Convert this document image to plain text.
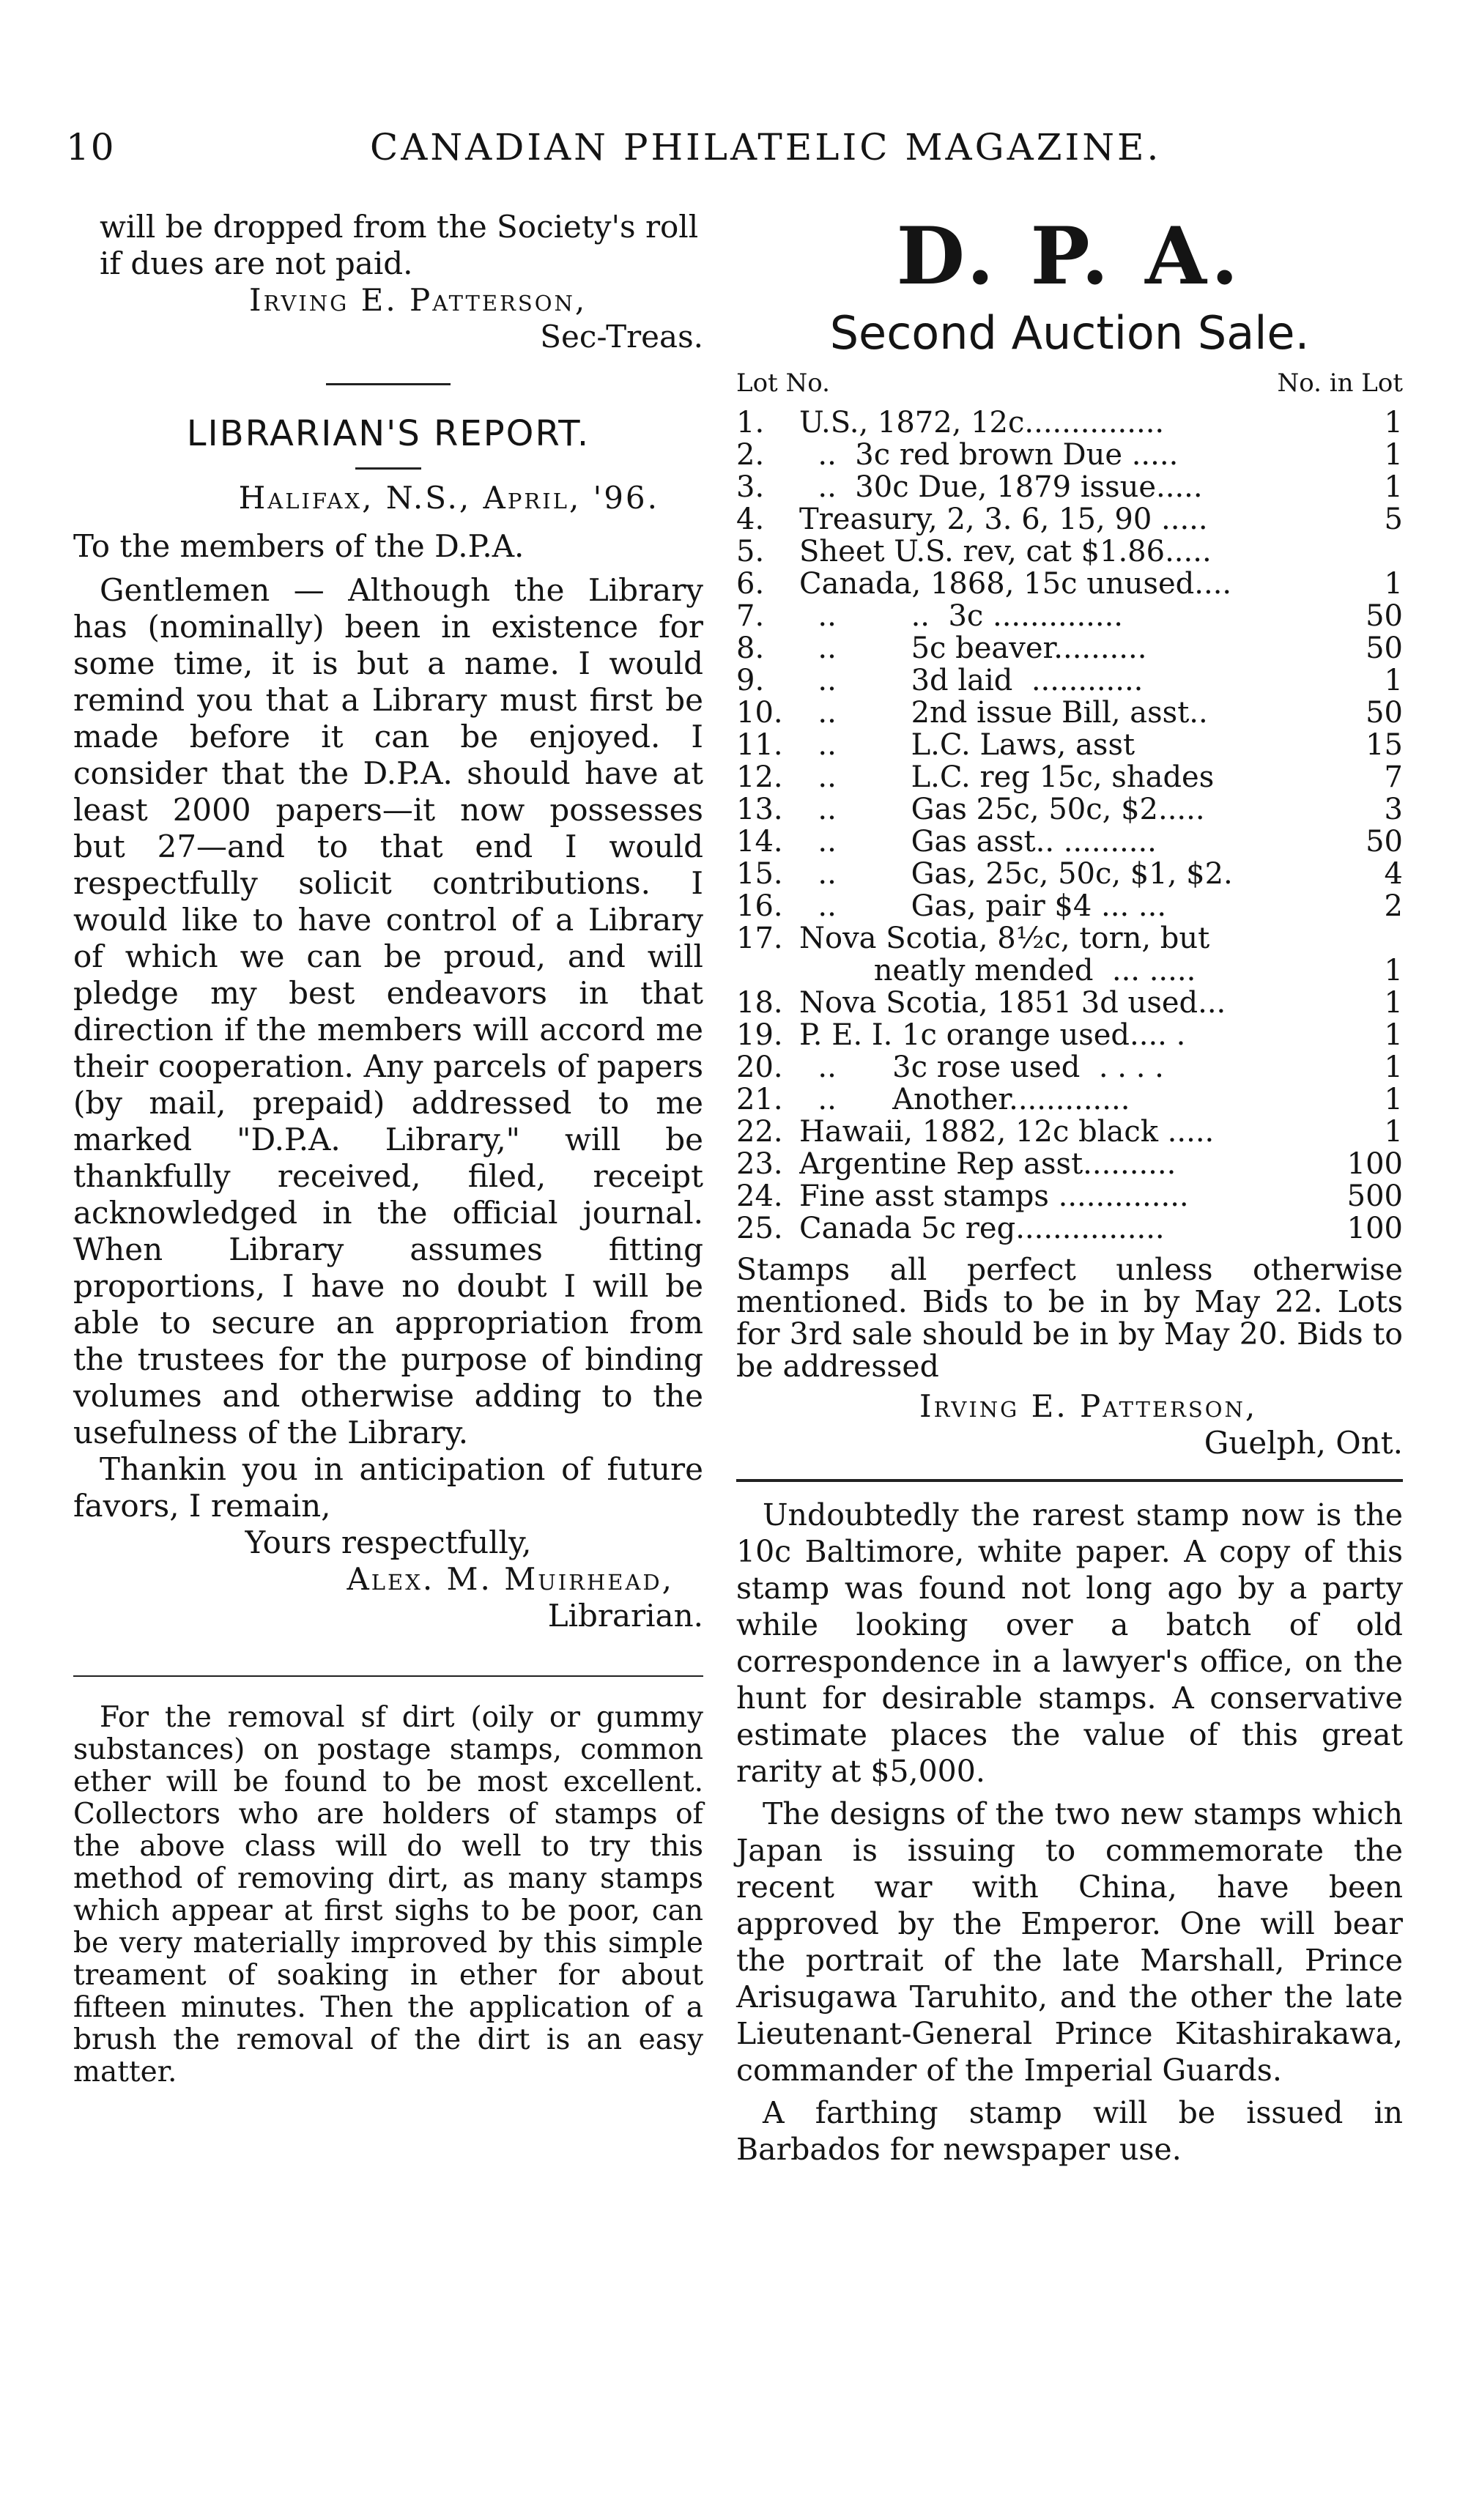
10	CANADIAN PHILATELIC MAGAZINE.

will be dropped from the Society's roll

if dues are not paid.

Irving E. Patterson,

Sec-Treas.

LIBRARIAN'S REPORT.

Halifax, N.S., April, '96.

To the members of the D.P.A.

Gentlemen — Although the Library has (nominally) been in existence for some time, it is but a name. I would remind you that a Library must first be made before it can be enjoyed. I consider that the D.P.A. should have at least 2000 papers—it now possesses but 27—and to that end I would respectfully solicit contributions. I would like to have control of a Library of which we can be proud, and will pledge my best endeavors in that direction if the members will accord me their cooperation. Any parcels of papers (by mail, prepaid) addressed to me marked "D.P.A. Library," will be thankfully received, filed, receipt acknowledged in the official journal. When Library assumes fitting proportions, I have no doubt I will be able to secure an appropriation from the trustees for the purpose of binding volumes and otherwise adding to the usefulness of the Library.

Thankin you in anticipation of future favors, I remain,

Yours respectfully,

Alex. M. Muirhead,

Librarian.

For the removal sf dirt (oily or gummy substances) on postage stamps, common ether will be found to be most excellent. Collectors who are holders of stamps of the above class will do well to try this method of removing dirt, as many stamps which appear at first sighs to be poor, can be very materially improved by this simple treament of soaking in ether for about fifteen minutes. Then the application of a brush the removal of the dirt is an easy matter.

D. P. A.

Second Auction Sale.

Lot No.	No. in Lot
1.	U.S., 1872, 12c...............	1
2.	..  3c red brown Due .....	1
3.	..  30c Due, 1879 issue.....	1
4.	Treasury, 2, 3. 6, 15, 90 .....	5
5.	Sheet U.S. rev, cat $1.86.....
6.	Canada, 1868, 15c unused....	1
7.	..        ..  3c ..............	50
8.	..        5c beaver..........	50
9.	..        3d laid  ............	1
10. ..        2nd issue Bill, asst..	50
11. ..        L.C. Laws, asst	15
12. ..        L.C. reg 15c, shades	7
13. ..        Gas 25c, 50c, $2.....	3
14. ..        Gas asst.. ..........	50
15. ..        Gas, 25c, 50c, $1, $2.	4
16. ..        Gas, pair $4 ... ...	2
17. Nova Scotia, 8½c, torn, but
neatly mended  ... .....	1
18. Nova Scotia, 1851 3d used...	1
19. P. E. I. 1c orange used.... .	1
20. ..      3c rose used  . . . .	1
21. ..      Another.............	1
22. Hawaii, 1882, 12c black .....	1
23. Argentine Rep asst..........	100
24. Fine asst stamps ..............	500
25. Canada 5c reg................	100

Stamps all perfect unless otherwise mentioned. Bids to be in by May 22. Lots for 3rd sale should be in by May 20. Bids to be addressed

Irving E. Patterson,

Guelph, Ont.

Undoubtedly the rarest stamp now is the 10c Baltimore, white paper. A copy of this stamp was found not long ago by a party while looking over a batch of old correspondence in a lawyer's office, on the hunt for desirable stamps. A conservative estimate places the value of this great rarity at $5,000.

The designs of the two new stamps which Japan is issuing to commemorate the recent war with China, have been approved by the Emperor. One will bear the portrait of the late Marshall, Prince Arisugawa Taruhito, and the other the late Lieutenant-General Prince Kitashirakawa, commander of the Imperial Guards.

A farthing stamp will be issued in Barbados for newspaper use.
